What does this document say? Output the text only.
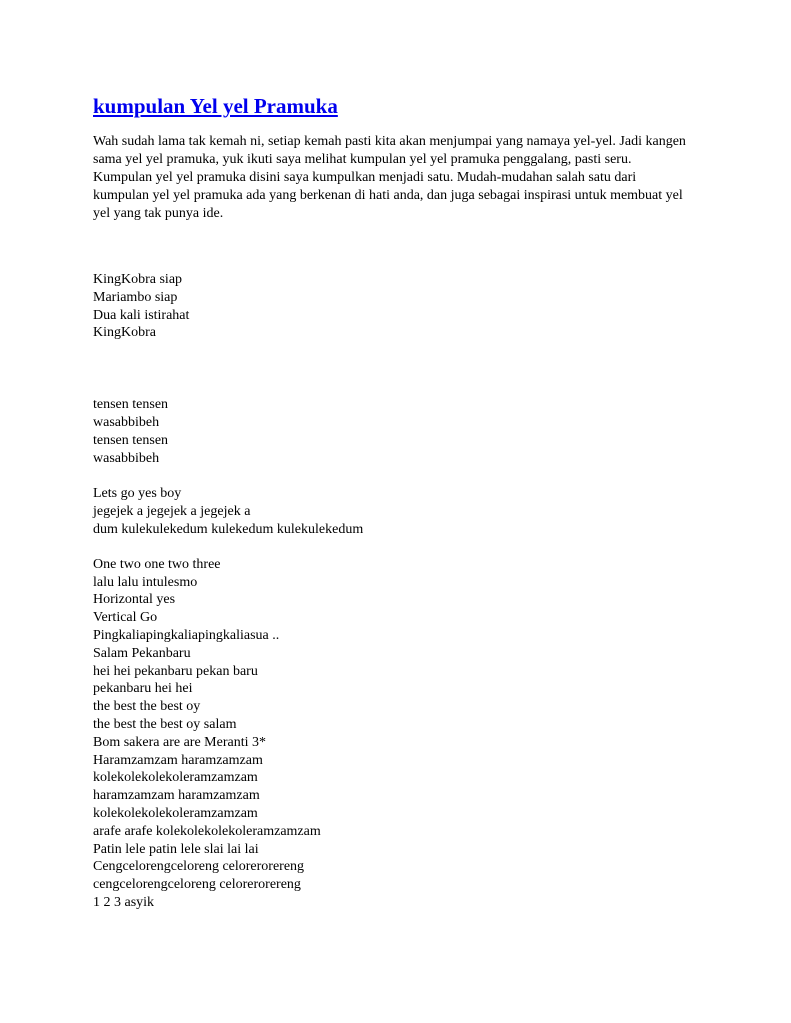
kumpulan Yel yel Pramuka

Wah sudah lama tak kemah ni, setiap kemah pasti kita akan menjumpai yang namaya yel-yel. Jadi kangen sama yel yel pramuka, yuk ikuti saya melihat kumpulan yel yel pramuka penggalang, pasti seru. Kumpulan yel yel pramuka disini saya kumpulkan menjadi satu. Mudah-mudahan salah satu dari kumpulan yel yel pramuka ada yang berkenan di hati anda, dan juga sebagai inspirasi untuk membuat yel yel yang tak punya ide.

KingKobra siap
Mariambo siap
Dua kali istirahat
KingKobra
tensen tensen
wasabbibeh
tensen tensen
wasabbibeh
Lets go yes boy
jegejek a jegejek a jegejek a
dum kulekulekedum kulekedum kulekulekedum
One two one two three
lalu lalu intulesmo
Horizontal yes
Vertical Go
Pingkaliapingkaliapingkaliasua ..
Salam Pekanbaru
hei hei pekanbaru pekan baru
pekanbaru hei hei
the best the best oy
the best the best oy salam
Bom sakera are are Meranti 3*
Haramzamzam haramzamzam
kolekolekolekoleramzamzam
haramzamzam haramzamzam
kolekolekolekoleramzamzam
arafe arafe kolekolekolekoleramzamzam
Patin lele patin lele slai lai lai
Cengcelorengceloreng celorerorereng
cengcelorengceloreng celorerorereng
1 2 3 asyik
